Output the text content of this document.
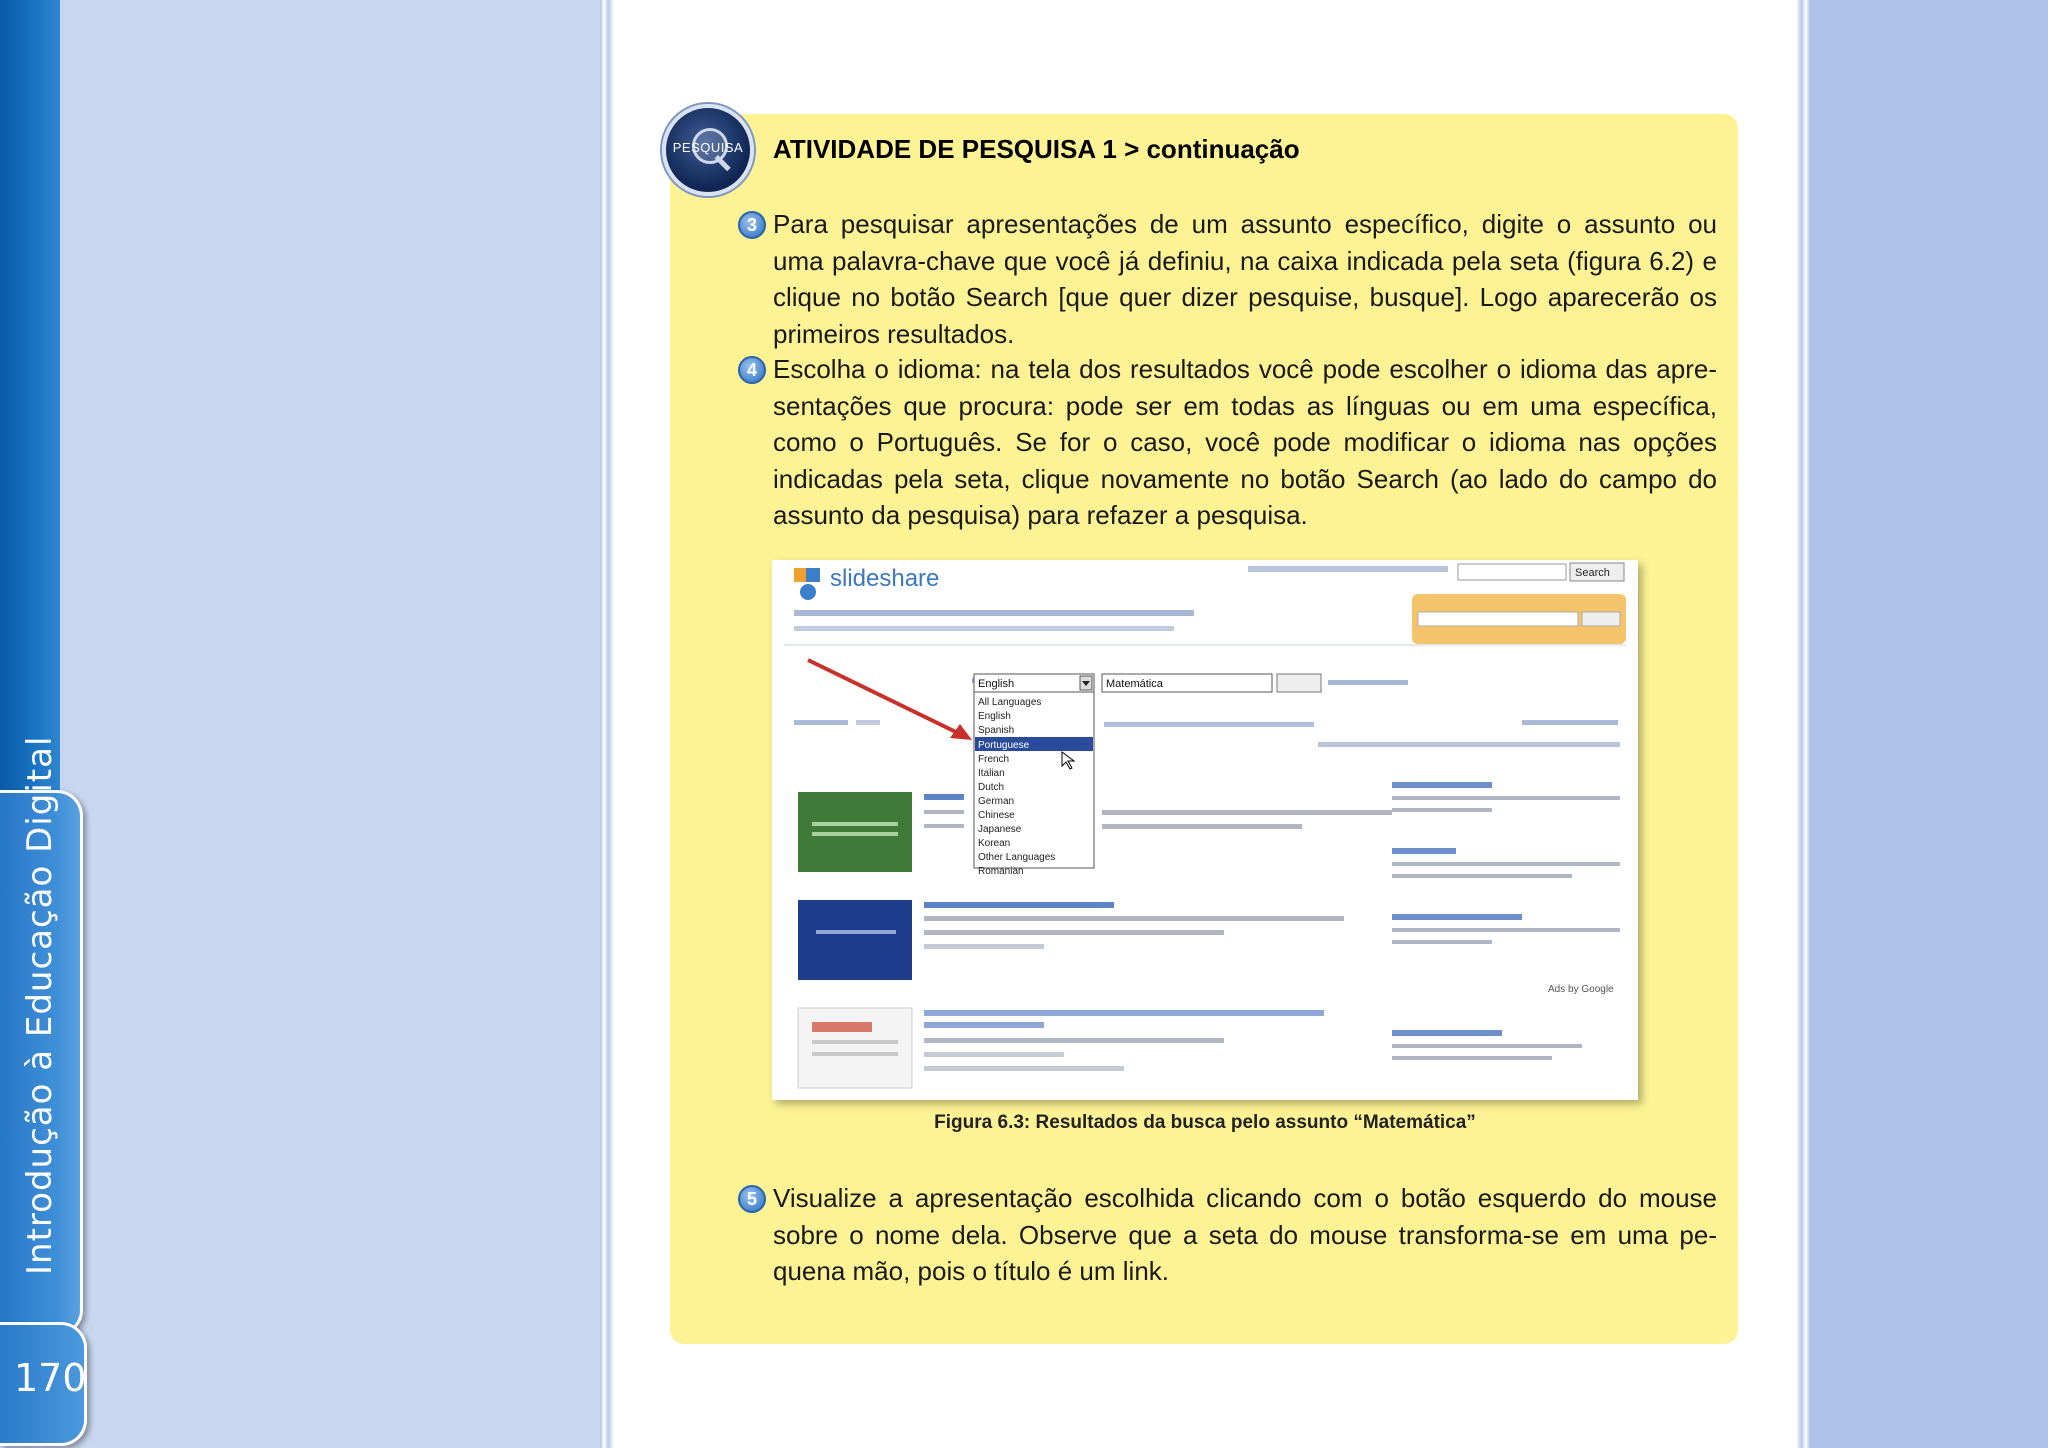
Introdução à Educação Digital
170
PESQUISA ATIVIDADE DE PESQUISA 1 > continuação
3 Para pesquisar apresentações de um assunto específico, digite o assunto ou uma palavra-chave que você já definiu, na caixa indicada pela seta (figura 6.2) e clique no botão Search [que quer dizer pesquise, busque]. Logo aparecerão os primeiros resultados.
4 Escolha o idioma: na tela dos resultados você pode escolher o idioma das apre-sentações que procura: pode ser em todas as línguas ou em uma específica, como o Português. Se for o caso, você pode modificar o idioma nas opções indicadas pela seta, clique novamente no botão Search (ao lado do campo do assunto da pesquisa) para refazer a pesquisa.
slideshare	Search
English	Matemática
All Languages
English
Spanish
Portuguese
French
Italian
Dutch
German
Chinese
Japanese
Korean
Other Languages
Romanian
Ads by Google
Figura 6.3: Resultados da busca pelo assunto “Matemática”
5 Visualize a apresentação escolhida clicando com o botão esquerdo do mouse sobre o nome dela. Observe que a seta do mouse transforma-se em uma pe-quena mão, pois o título é um link.
